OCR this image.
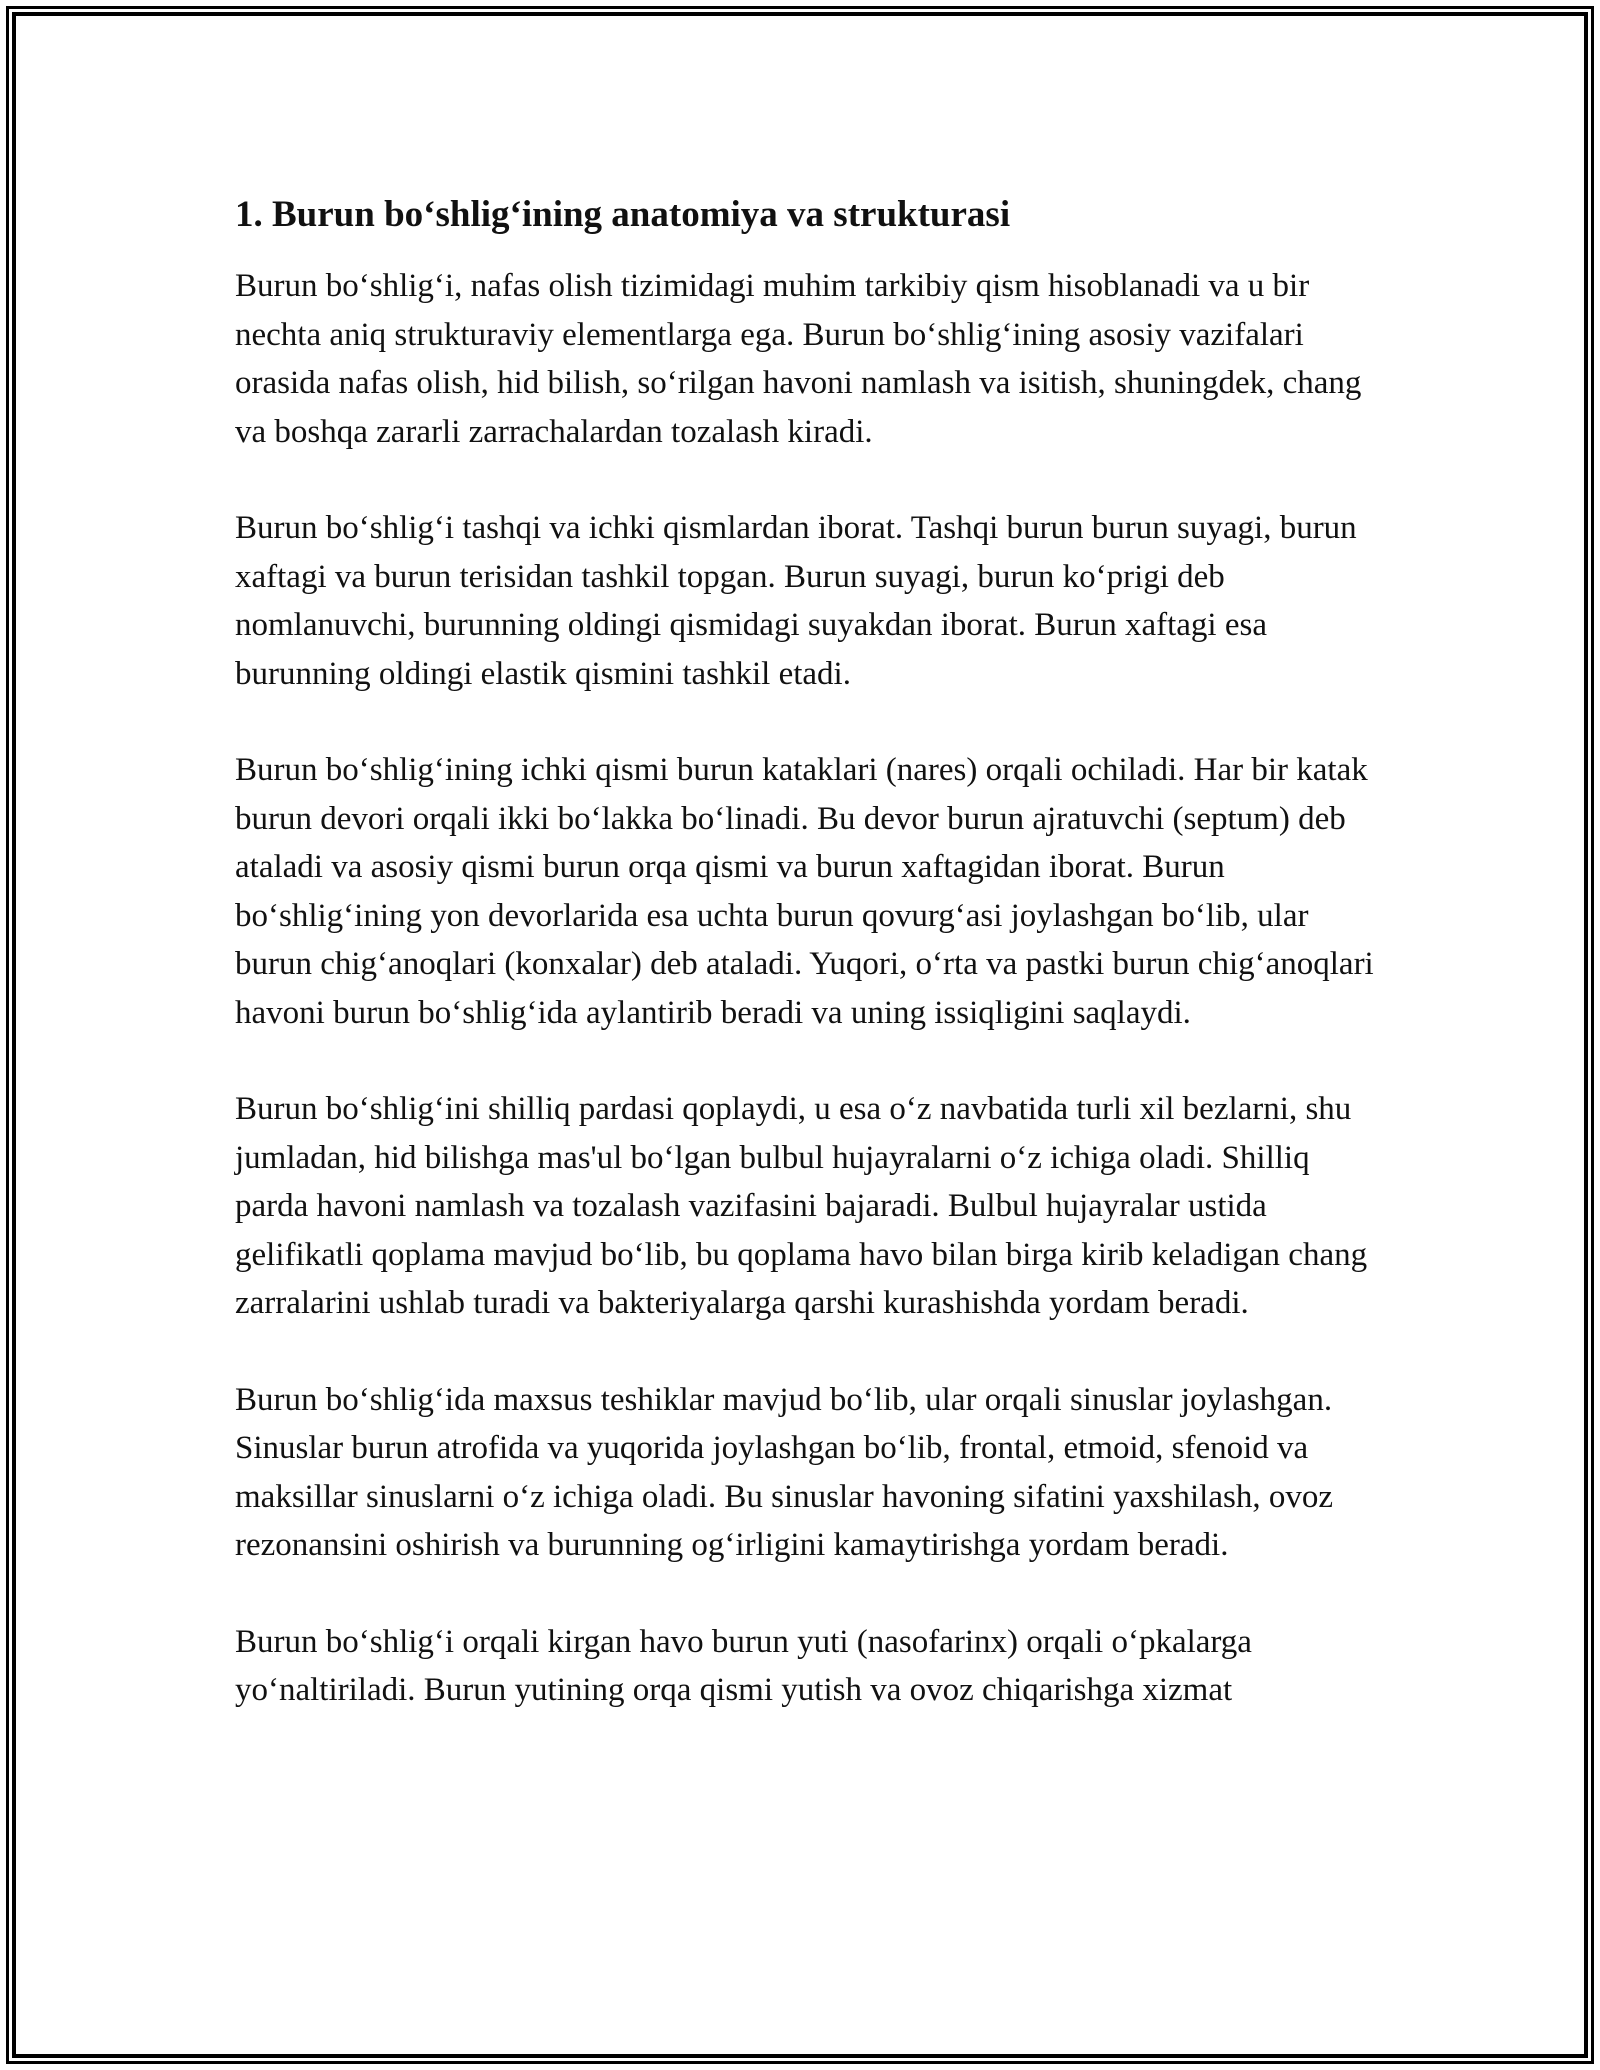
1. Burun bo‘shlig‘ining anatomiya va strukturasi

Burun bo‘shlig‘i, nafas olish tizimidagi muhim tarkibiy qism hisoblanadi va u bir nechta aniq strukturaviy elementlarga ega. Burun bo‘shlig‘ining asosiy vazifalari orasida nafas olish, hid bilish, so‘rilgan havoni namlash va isitish, shuningdek, chang va boshqa zararli zarrachalardan tozalash kiradi.

Burun bo‘shlig‘i tashqi va ichki qismlardan iborat. Tashqi burun burun suyagi, burun xaftagi va burun terisidan tashkil topgan. Burun suyagi, burun ko‘prigi deb nomlanuvchi, burunning oldingi qismidagi suyakdan iborat. Burun xaftagi esa burunning oldingi elastik qismini tashkil etadi.

Burun bo‘shlig‘ining ichki qismi burun kataklari (nares) orqali ochiladi. Har bir katak burun devori orqali ikki bo‘lakka bo‘linadi. Bu devor burun ajratuvchi (septum) deb ataladi va asosiy qismi burun orqa qismi va burun xaftagidan iborat. Burun bo‘shlig‘ining yon devorlarida esa uchta burun qovurg‘asi joylashgan bo‘lib, ular burun chig‘anoqlari (konxalar) deb ataladi. Yuqori, o‘rta va pastki burun chig‘anoqlari havoni burun bo‘shlig‘ida aylantirib beradi va uning issiqligini saqlaydi.

Burun bo‘shlig‘ini shilliq pardasi qoplaydi, u esa o‘z navbatida turli xil bezlarni, shu jumladan, hid bilishga mas'ul bo‘lgan bulbul hujayralarni o‘z ichiga oladi. Shilliq parda havoni namlash va tozalash vazifasini bajaradi. Bulbul hujayralar ustida gelifikatli qoplama mavjud bo‘lib, bu qoplama havo bilan birga kirib keladigan chang zarralarini ushlab turadi va bakteriyalarga qarshi kurashishda yordam beradi.

Burun bo‘shlig‘ida maxsus teshiklar mavjud bo‘lib, ular orqali sinuslar joylashgan. Sinuslar burun atrofida va yuqorida joylashgan bo‘lib, frontal, etmoid, sfenoid va maksillar sinuslarni o‘z ichiga oladi. Bu sinuslar havoning sifatini yaxshilash, ovoz rezonansini oshirish va burunning og‘irligini kamaytirishga yordam beradi.

Burun bo‘shlig‘i orqali kirgan havo burun yuti (nasofarinx) orqali o‘pkalarga yo‘naltiriladi. Burun yutining orqa qismi yutish va ovoz chiqarishga xizmat
